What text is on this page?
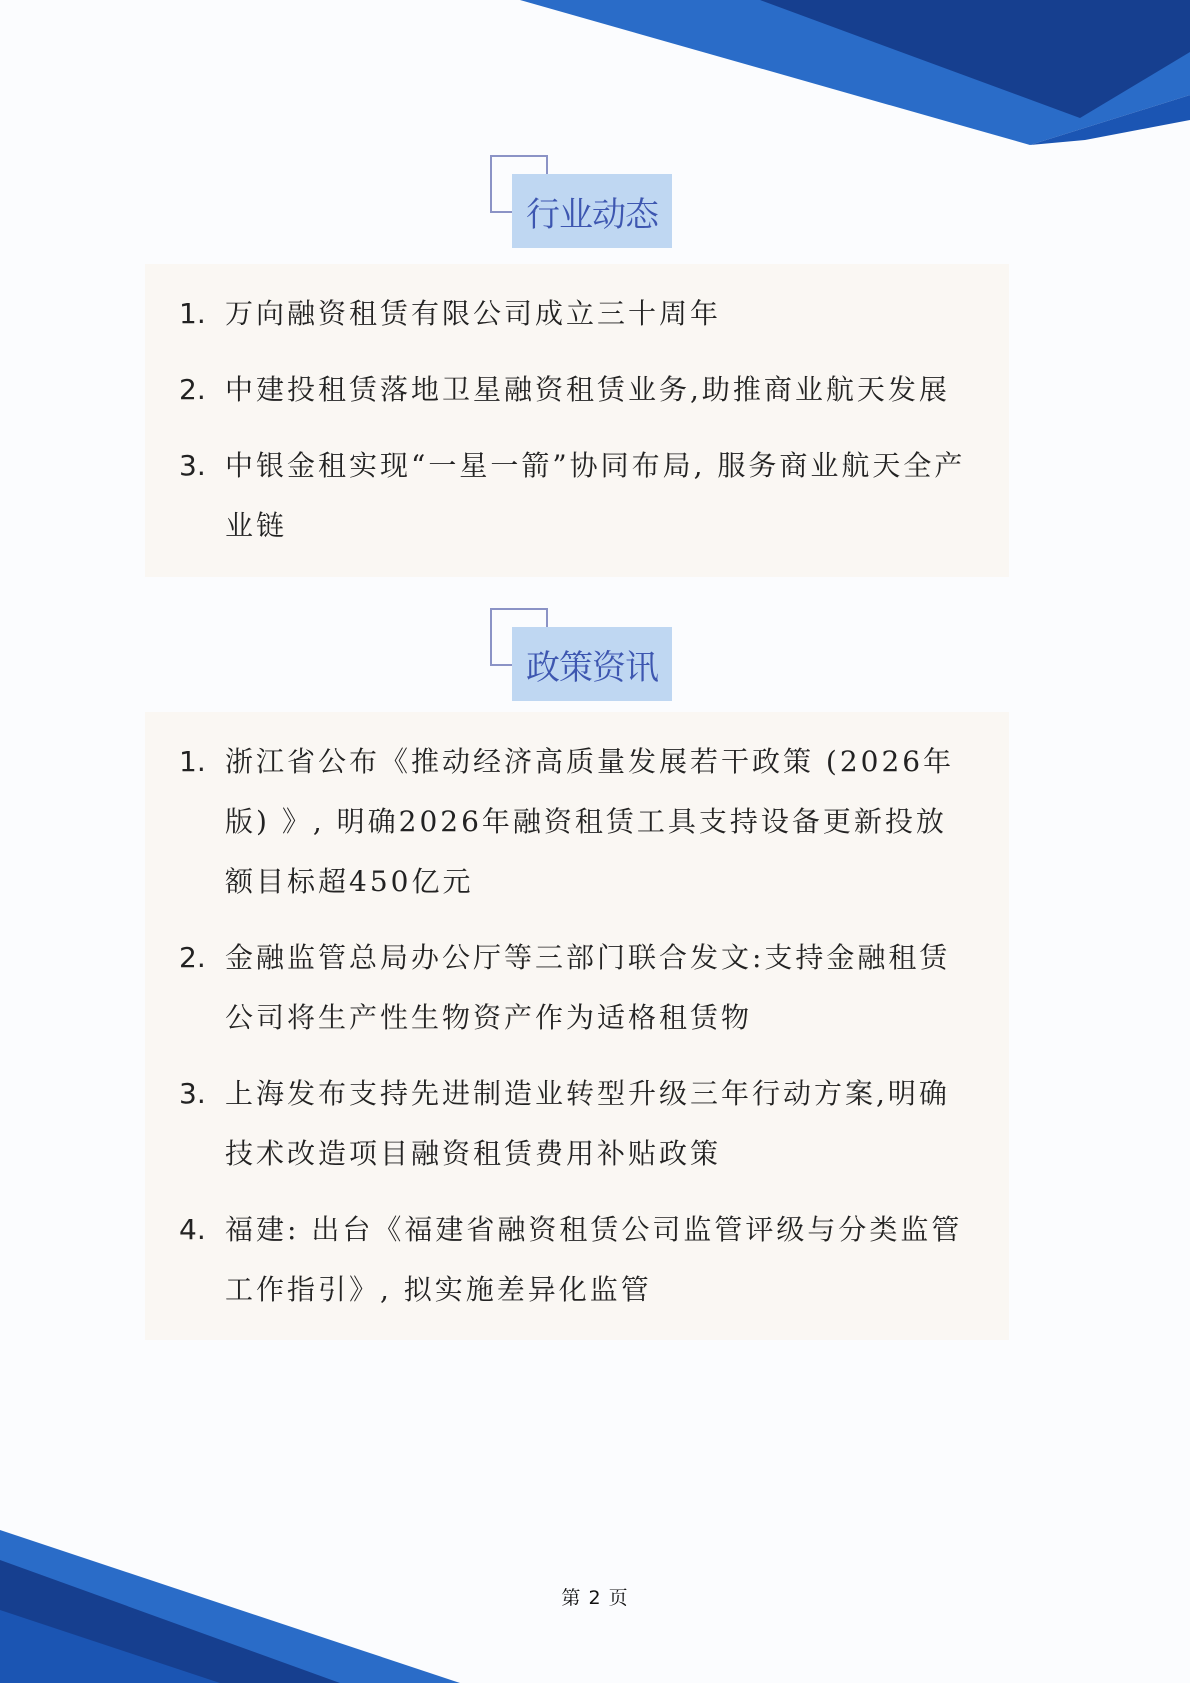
行业动态
1. 万向融资租赁有限公司成立三十周年
2. 中建投租赁落地卫星融资租赁业务,助推商业航天发展
3. 中银金租实现“一星一箭”协同布局, 服务商业航天全产业链
政策资讯
1. 浙江省公布《推动经济高质量发展若干政策 (2026年版) 》, 明确2026年融资租赁工具支持设备更新投放额目标超450亿元
2. 金融监管总局办公厅等三部门联合发文:支持金融租赁公司将生产性生物资产作为适格租赁物
3. 上海发布支持先进制造业转型升级三年行动方案,明确技术改造项目融资租赁费用补贴政策
4. 福建: 出台《福建省融资租赁公司监管评级与分类监管工作指引》, 拟实施差异化监管
第 2 页
